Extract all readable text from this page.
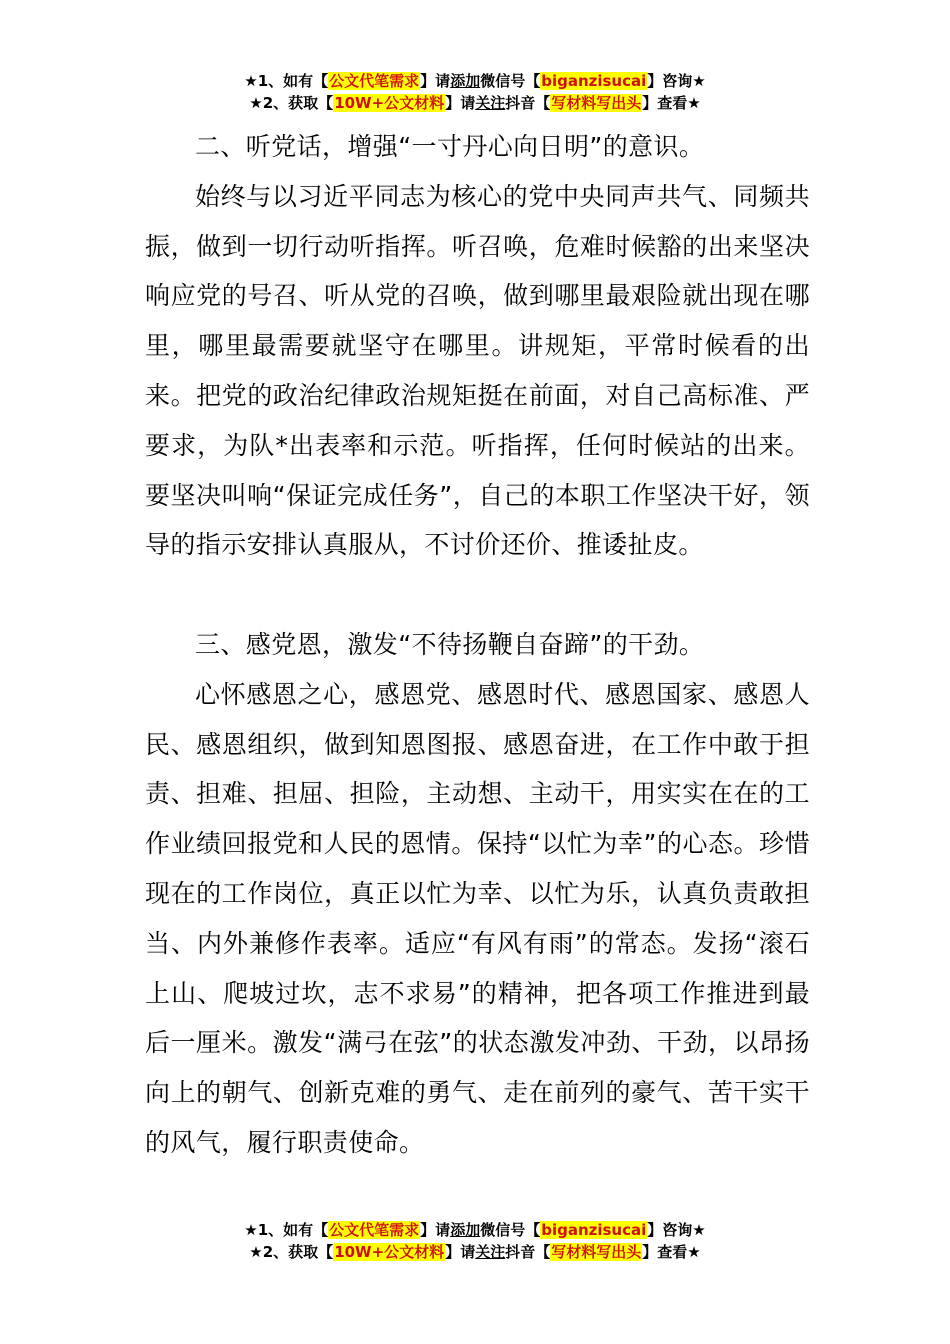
★1、如有【公文代笔需求】请添加微信号【biganzisucai】咨询★
★2、获取【10W+公文材料】请关注抖音【写材料写出头】查看★

二、听党话，增强“一寸丹心向日明”的意识。

始终与以习近平同志为核心的党中央同声共气、同频共振，做到一切行动听指挥。听召唤，危难时候豁的出来坚决响应党的号召、听从党的召唤，做到哪里最艰险就出现在哪里，哪里最需要就坚守在哪里。讲规矩，平常时候看的出来。把党的政治纪律政治规矩挺在前面，对自己高标准、严要求，为队*出表率和示范。听指挥，任何时候站的出来。要坚决叫响“保证完成任务”，自己的本职工作坚决干好，领导的指示安排认真服从，不讨价还价、推诿扯皮。

三、感党恩，激发“不待扬鞭自奋蹄”的干劲。

心怀感恩之心，感恩党、感恩时代、感恩国家、感恩人民、感恩组织，做到知恩图报、感恩奋进，在工作中敢于担责、担难、担屈、担险，主动想、主动干，用实实在在的工作业绩回报党和人民的恩情。保持“以忙为幸”的心态。珍惜现在的工作岗位，真正以忙为幸、以忙为乐，认真负责敢担当、内外兼修作表率。适应“有风有雨”的常态。发扬“滚石上山、爬坡过坎，志不求易”的精神，把各项工作推进到最后一厘米。激发“满弓在弦”的状态激发冲劲、干劲，以昂扬向上的朝气、创新克难的勇气、走在前列的豪气、苦干实干的风气，履行职责使命。

★1、如有【公文代笔需求】请添加微信号【biganzisucai】咨询★
★2、获取【10W+公文材料】请关注抖音【写材料写出头】查看★
